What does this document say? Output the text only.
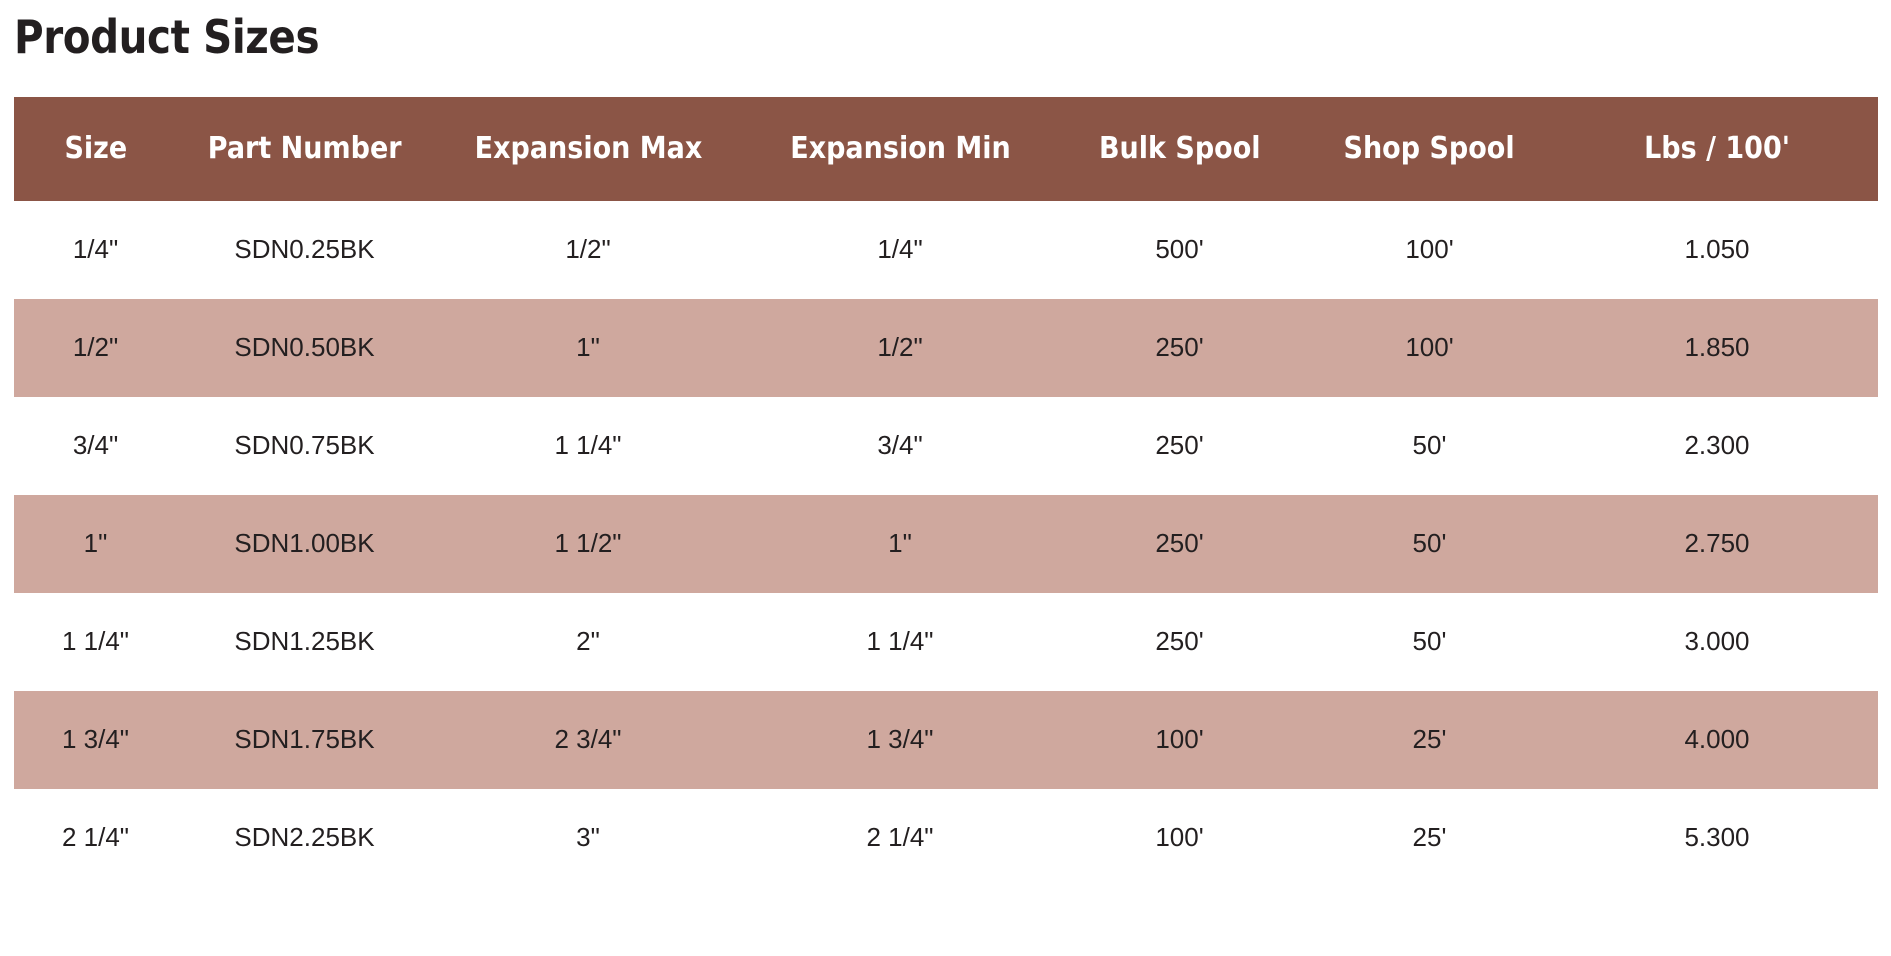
Product Sizes
Size	Part Number	Expansion Max	Expansion Min	Bulk Spool	Shop Spool	Lbs / 100'
1/4"	SDN0.25BK	1/2"	1/4"	500'	100'	1.050
1/2"	SDN0.50BK	1"	1/2"	250'	100'	1.850
3/4"	SDN0.75BK	1 1/4"	3/4"	250'	50'	2.300
1"	SDN1.00BK	1 1/2"	1"	250'	50'	2.750
1 1/4"	SDN1.25BK	2"	1 1/4"	250'	50'	3.000
1 3/4"	SDN1.75BK	2 3/4"	1 3/4"	100'	25'	4.000
2 1/4"	SDN2.25BK	3"	2 1/4"	100'	25'	5.300
